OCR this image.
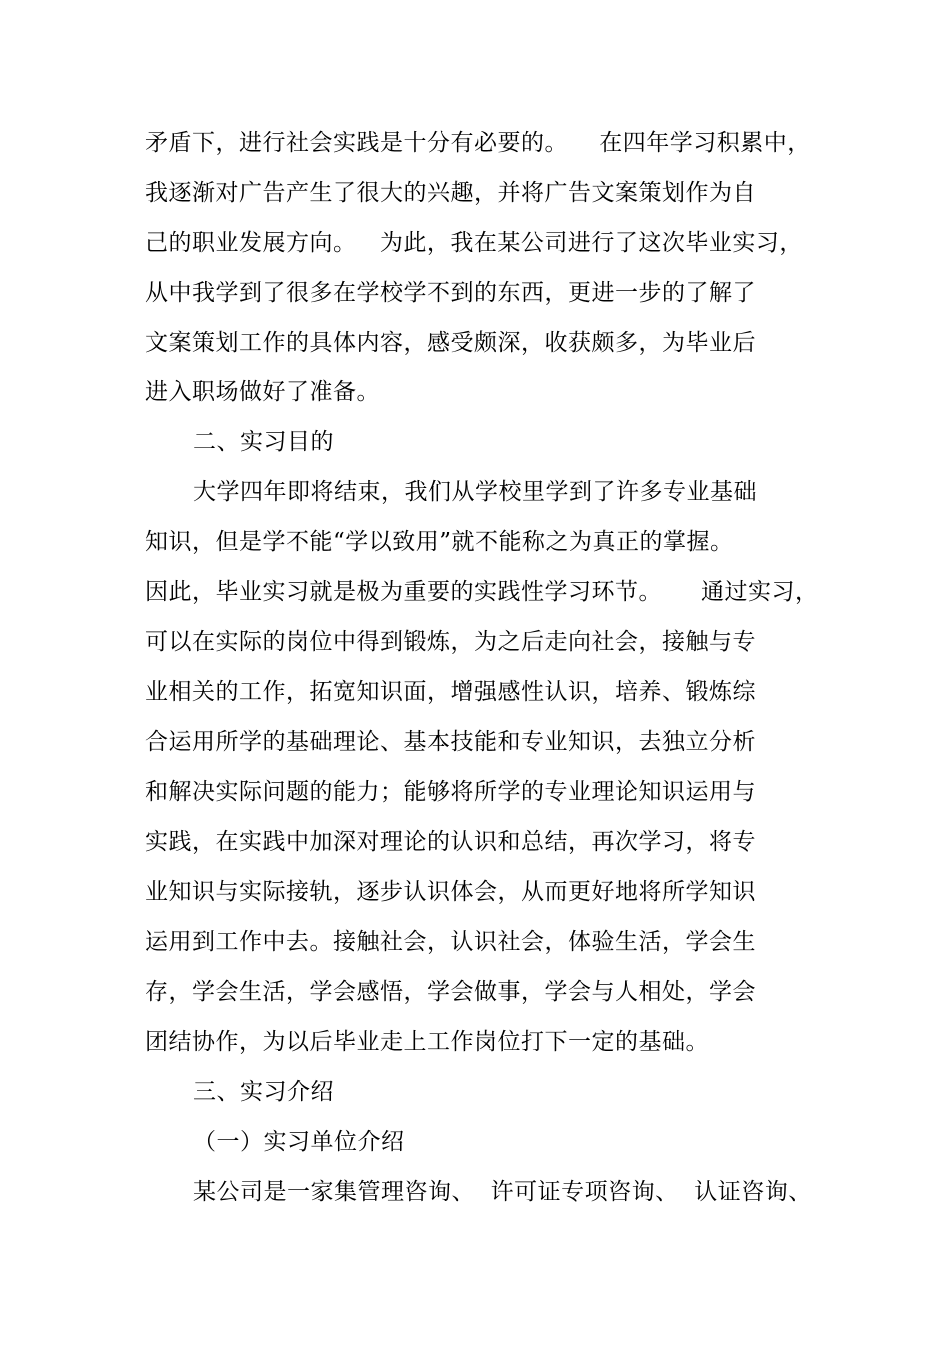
矛盾下，进行社会实践是十分有必要的。    在四年学习积累中，
我逐渐对广告产生了很大的兴趣，并将广告文案策划作为自
己的职业发展方向。   为此，我在某公司进行了这次毕业实习，
从中我学到了很多在学校学不到的东西，更进一步的了解了
文案策划工作的具体内容，感受颇深，收获颇多，为毕业后
进入职场做好了准备。
二、实习目的
大学四年即将结束，我们从学校里学到了许多专业基础
知识，但是学不能“学以致用”就不能称之为真正的掌握。
因此，毕业实习就是极为重要的实践性学习环节。     通过实习，
可以在实际的岗位中得到锻炼，为之后走向社会，接触与专
业相关的工作，拓宽知识面，增强感性认识，培养、锻炼综
合运用所学的基础理论、基本技能和专业知识，去独立分析
和解决实际问题的能力；能够将所学的专业理论知识运用与
实践，在实践中加深对理论的认识和总结，再次学习，将专
业知识与实际接轨，逐步认识体会，从而更好地将所学知识
运用到工作中去。接触社会，认识社会，体验生活，学会生
存，学会生活，学会感悟，学会做事，学会与人相处，学会
团结协作，为以后毕业走上工作岗位打下一定的基础。
三、实习介绍
（一）实习单位介绍
某公司是一家集管理咨询、  许可证专项咨询、  认证咨询、
